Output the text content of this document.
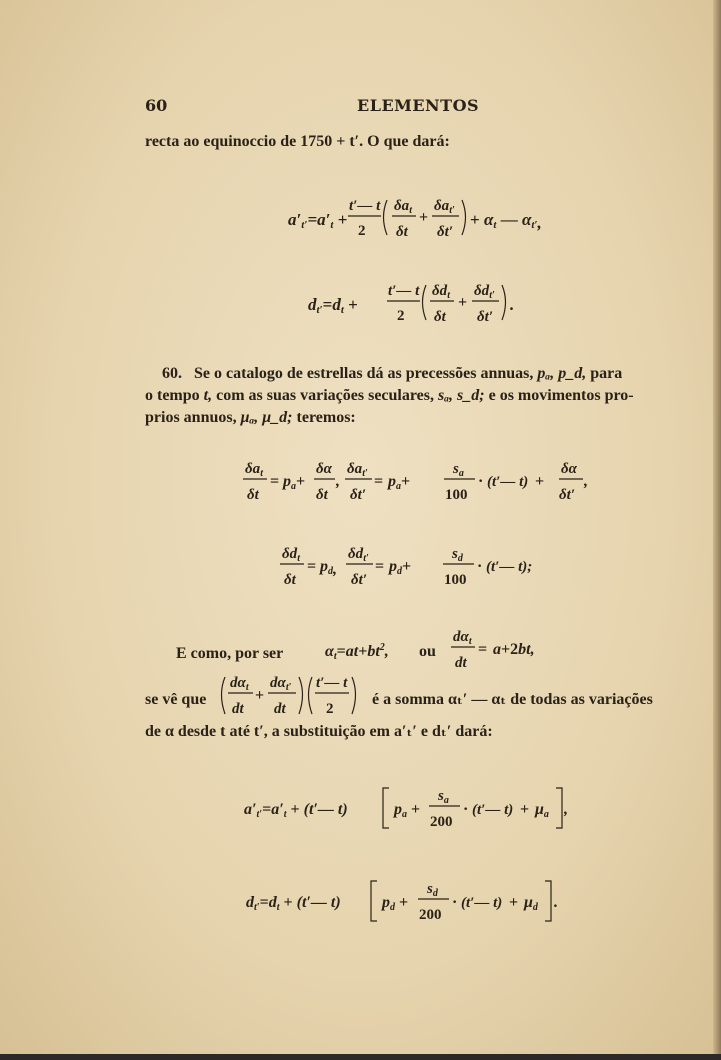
60	ELEMENTOS
recta ao equinoccio de 1750 + t′. O que dará:
a′t′=a′t +
t′— t
2
$\delta a_t$
δt
+
$\delta a_{t'}$
δt′
+ αt — αt′,
dt′=dt +
t′— t
2
$\delta d_t$
δt
+
$\delta d_{t'}$
δt′
.
60. Se o catalogo de estrellas dá as precessões annuas, pₐ, p_d, para
o tempo t, com as suas variações seculares, sₐ, s_d; e os movimentos pro-
prios annuos, μₐ, μ_d; teremos:
$\delta a_t$
δt
= pa+
δα
δt
,
$\delta a_{t'}$
δt′
= pa+
$s_a$
100
· (t′— t) +
δα
δt′
,
$\delta d_t$
δt
= pd,
$\delta d_{t'}$
δt′
= pd+
$s_d$
100
· (t′— t);
E como, por ser	$\alpha t=at+bt^2$, ou
$d\alpha_t$
dt
= a+2bt,
se vê que
$d\alpha_t$
dt
+
$d\alpha_{t'}$
dt
t′— t
2
é a somma αₜ′ — αₜ de todas as variações
de α desde t até t′, a substituição em a′ₜ′ e dₜ′ dará:
a′t′=a′t + (t′— t)	pa +
$s_a$
200
· (t′— t) + μa ,
dt′=dt + (t′— t)	pd +
$s_d$
200
· (t′— t) + μd .
